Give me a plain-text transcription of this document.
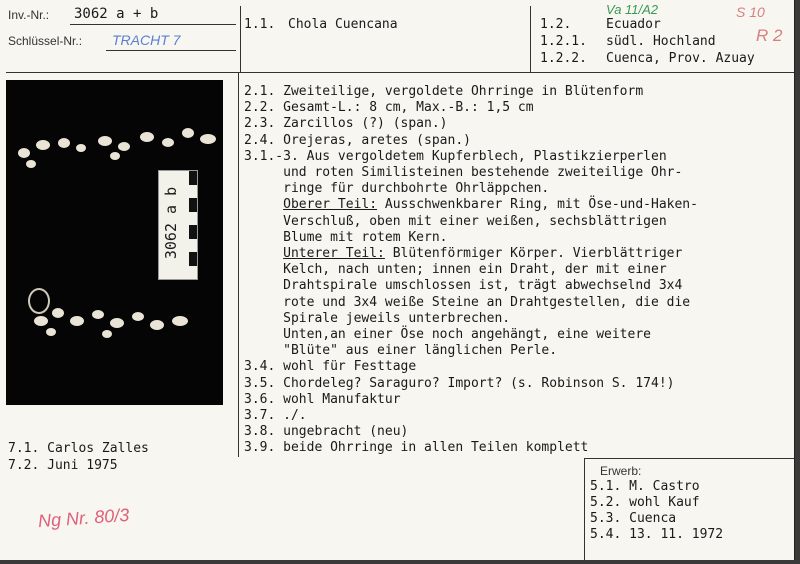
Inv.-Nr.: 3062 a + b
Schlüssel-Nr.: TRACHT 7
1.1. Chola Cuencana	1.2.	Ecuador
1.2.1. südl. Hochland
1.2.2. Cuenca, Prov. Azuay
Va 11/A2	S 10
R 2
3062 a b
2.1. Zweiteilige, vergoldete Ohrringe in Blütenform
2.2. Gesamt-L.: 8 cm, Max.-B.: 1,5 cm
2.3. Zarcillos (?) (span.)
2.4. Orejeras, aretes (span.)
3.1.-3. Aus vergoldetem Kupferblech, Plastikzierperlen
und roten Similisteinen bestehende zweiteilige Ohr-
ringe für durchbohrte Ohrläppchen.
Oberer Teil: Ausschwenkbarer Ring, mit Öse-und-Haken-
Verschluß, oben mit einer weißen, sechsblättrigen
Blume mit rotem Kern.
Unterer Teil: Blütenförmiger Körper. Vierblättriger
Kelch, nach unten; innen ein Draht, der mit einer
Drahtspirale umschlossen ist, trägt abwechselnd 3x4
rote und 3x4 weiße Steine an Drahtgestellen, die die
Spirale jeweils unterbrechen.
Unten,an einer Öse noch angehängt, eine weitere
"Blüte" aus einer länglichen Perle.
3.4. wohl für Festtage
3.5. Chordeleg? Saraguro? Import? (s. Robinson S. 174!)
3.6. wohl Manufaktur
3.7. ./.
3.8. ungebracht (neu)
3.9. beide Ohrringe in allen Teilen komplett
7.1. Carlos Zalles
7.2. Juni 1975
Ng Nr. 80/3
Erwerb:
5.1. M. Castro
5.2. wohl Kauf
5.3. Cuenca
5.4. 13. 11. 1972
